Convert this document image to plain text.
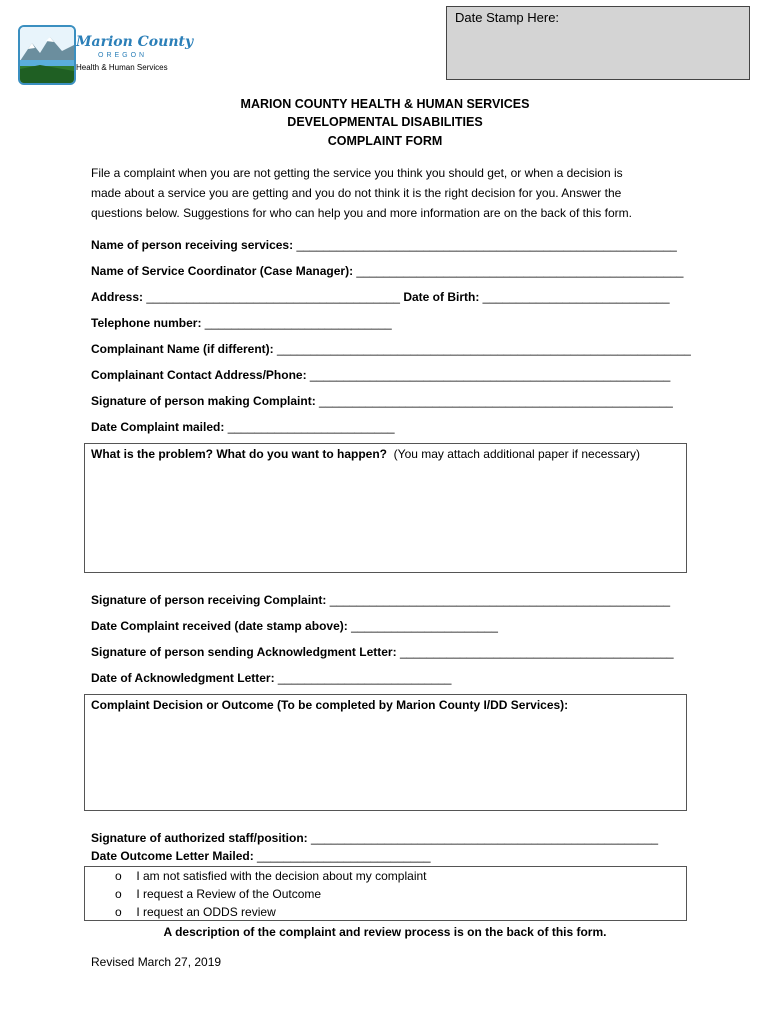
Marion County
OREGON
Health & Human Services
Date Stamp Here:
MARION COUNTY HEALTH & HUMAN SERVICES
DEVELOPMENTAL DISABILITIES
COMPLAINT FORM
File a complaint when you are not getting the service you think you should get, or when a decision is
made about a service you are getting and you do not think it is the right decision for you. Answer the
questions below. Suggestions for who can help you and more information are on the back of this form.
Name of person receiving services: _________________________________________________________
Name of Service Coordinator (Case Manager): _________________________________________________
Address: ______________________________________ Date of Birth: ____________________________
Telephone number: ____________________________
Complainant Name (if different): ______________________________________________________________
Complainant Contact Address/Phone: ______________________________________________________
Signature of person making Complaint: _____________________________________________________
Date Complaint mailed: _________________________
What is the problem? What do you want to happen? (You may attach additional paper if necessary)
Signature of person receiving Complaint: ___________________________________________________
Date Complaint received (date stamp above): ______________________
Signature of person sending Acknowledgment Letter: _________________________________________
Date of Acknowledgment Letter: __________________________
Complaint Decision or Outcome (To be completed by Marion County I/DD Services):
Signature of authorized staff/position: ____________________________________________________
Date Outcome Letter Mailed: __________________________
o I am not satisfied with the decision about my complaint
o I request a Review of the Outcome
o I request an ODDS review
A description of the complaint and review process is on the back of this form.
Revised March 27, 2019
